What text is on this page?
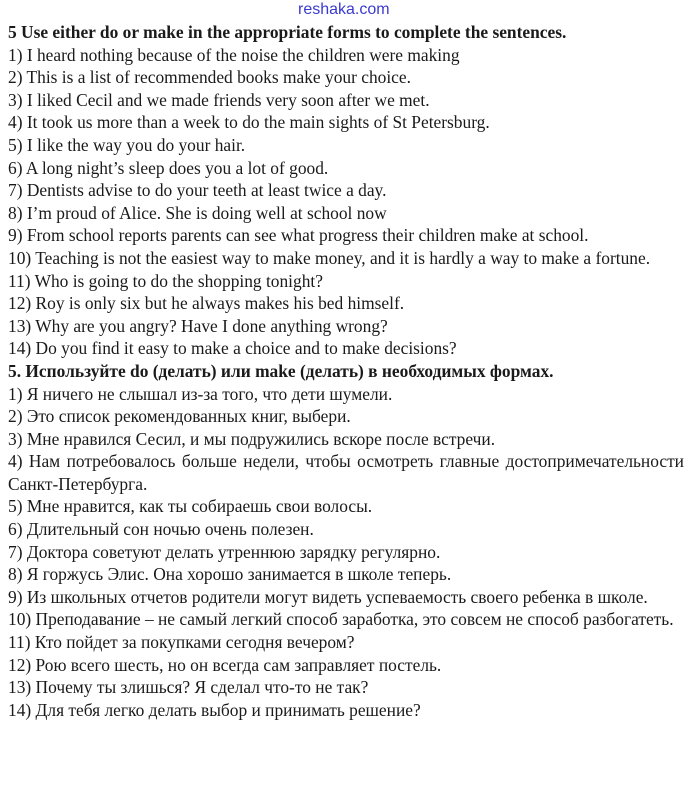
reshaka.com
5 Use either do or make in the appropriate forms to complete the sentences.
1) I heard nothing because of the noise the children were making
2) This is a list of recommended books make your choice.
3) I liked Cecil and we made friends very soon after we met.
4) It took us more than a week to do the main sights of St Petersburg.
5) I like the way you do your hair.
6) A long night’s sleep does you a lot of good.
7) Dentists advise to do your teeth at least twice a day.
8) I’m proud of Alice. She is doing well at school now
9) From school reports parents can see what progress their children make at school.
10) Teaching is not the easiest way to make money, and it is hardly a way to make a fortune.
11) Who is going to do the shopping tonight?
12) Roy is only six but he always makes his bed himself.
13) Why are you angry? Have I done anything wrong?
14) Do you find it easy to make a choice and to make decisions?
5. Используйте do (делать) или make (делать) в необходимых формах.
1) Я ничего не слышал из-за того, что дети шумели.
2) Это список рекомендованных книг, выбери.
3) Мне нравился Сесил, и мы подружились вскоре после встречи.
4) Нам потребовалось больше недели, чтобы осмотреть главные достопримечательности Санкт-Петербурга.
5) Мне нравится, как ты собираешь свои волосы.
6) Длительный сон ночью очень полезен.
7) Доктора советуют делать утреннюю зарядку регулярно.
8) Я горжусь Элис. Она хорошо занимается в школе теперь.
9) Из школьных отчетов родители могут видеть успеваемость своего ребенка в школе.
10) Преподавание – не самый легкий способ заработка, это совсем не способ разбогатеть.
11) Кто пойдет за покупками сегодня вечером?
12) Рою всего шесть, но он всегда сам заправляет постель.
13) Почему ты злишься? Я сделал что-то не так?
14) Для тебя легко делать выбор и принимать решение?
